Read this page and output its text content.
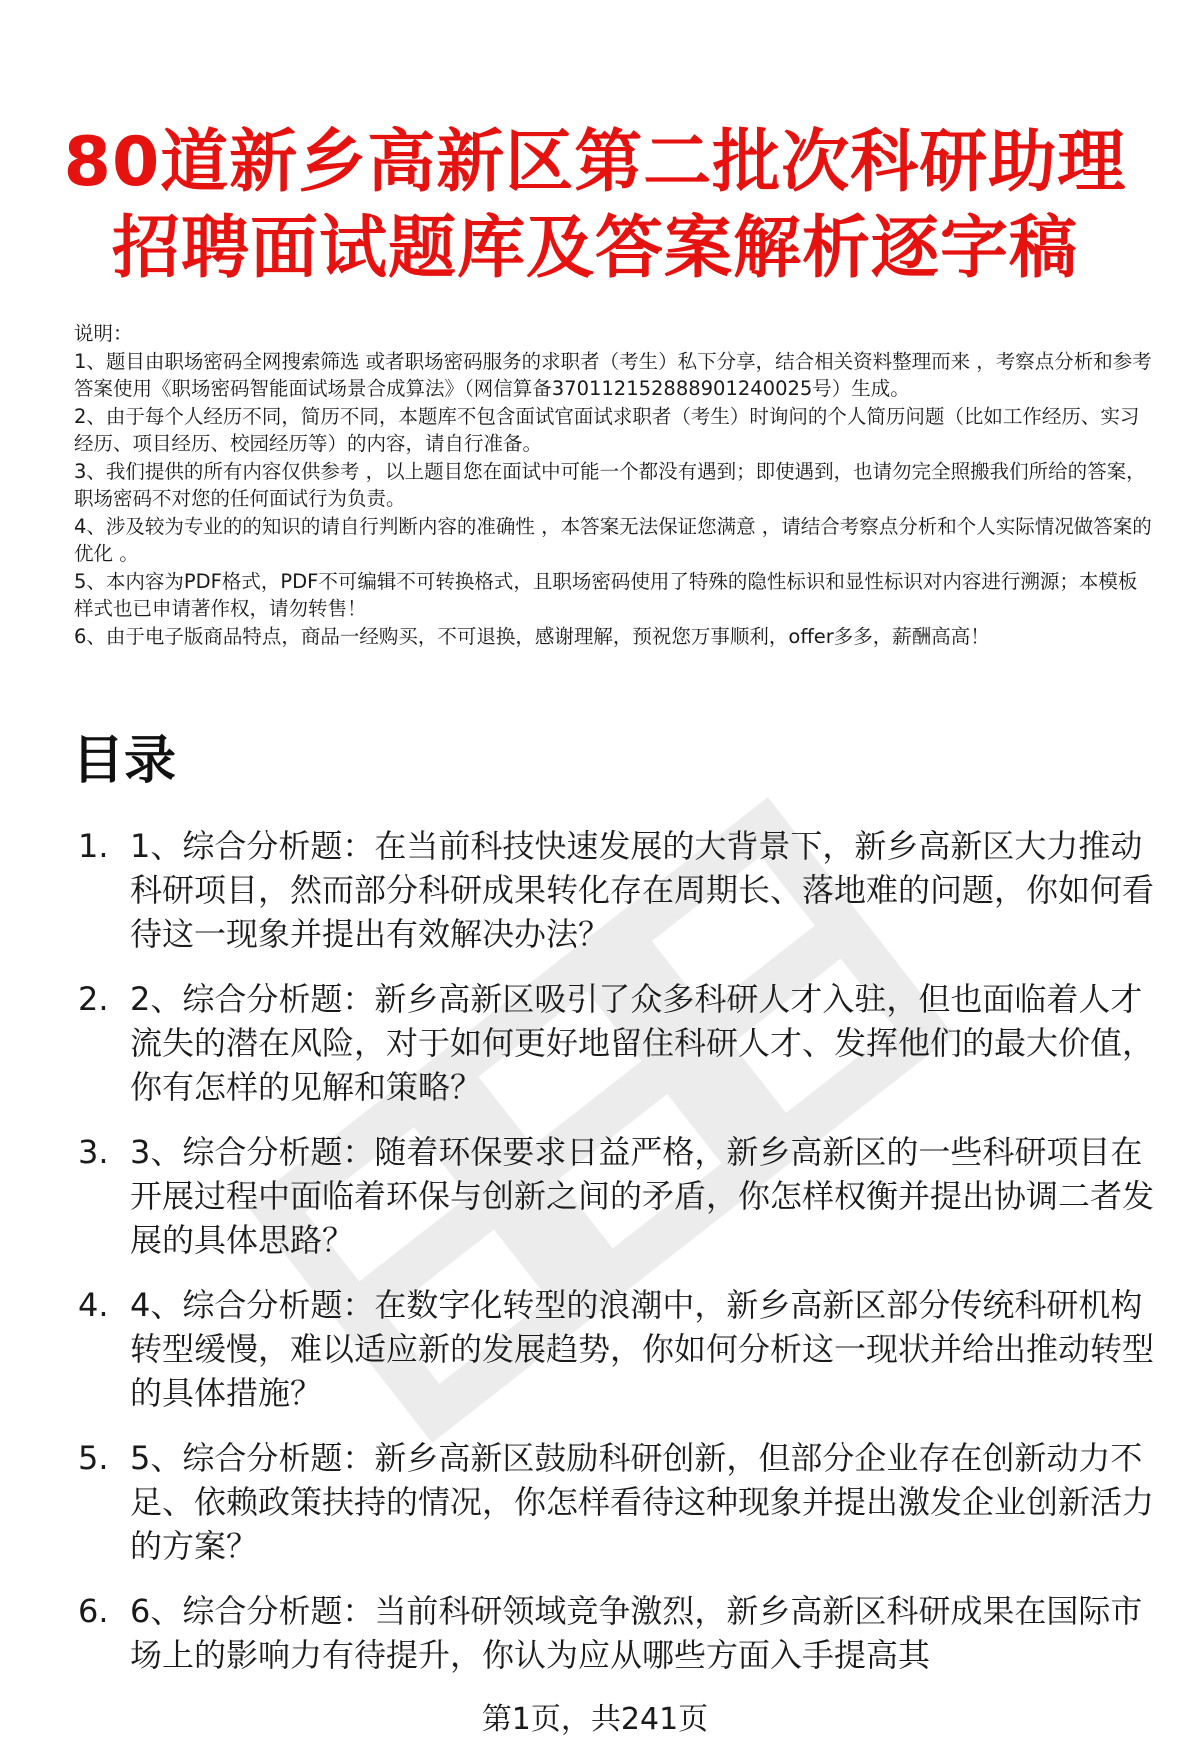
80道新乡高新区第二批次科研助理
招聘面试题库及答案解析逐字稿

说明：

1、题目由职场密码全网搜索筛选 或者职场密码服务的求职者（考生）私下分享，结合相关资料整理而来 ，考察点分析和参考答案使用《职场密码智能面试场景合成算法》（网信算备370112152888901240025号）生成。

2、由于每个人经历不同，简历不同，本题库不包含面试官面试求职者（考生）时询问的个人简历问题（比如工作经历、实习经历、项目经历、校园经历等）的内容，请自行准备。

3、我们提供的所有内容仅供参考 ，以上题目您在面试中可能一个都没有遇到；即使遇到，也请勿完全照搬我们所给的答案，职场密码不对您的任何面试行为负责。

4、涉及较为专业的的知识的请自行判断内容的准确性 ，本答案无法保证您满意 ，请结合考察点分析和个人实际情况做答案的优化 。

5、本内容为PDF格式，PDF不可编辑不可转换格式，且职场密码使用了特殊的隐性标识和显性标识对内容进行溯源；本模板样式也已申请著作权，请勿转售！

6、由于电子版商品特点，商品一经购买，不可退换，感谢理解，预祝您万事顺利，offer多多，薪酬高高！

目录
1. 1、综合分析题：在当前科技快速发展的大背景下，新乡高新区大力推动科研项目，然而部分科研成果转化存在周期长、落地难的问题，你如何看待这一现象并提出有效解决办法？
2. 2、综合分析题：新乡高新区吸引了众多科研人才入驻，但也面临着人才流失的潜在风险，对于如何更好地留住科研人才、发挥他们的最大价值，你有怎样的见解和策略？
3. 3、综合分析题：随着环保要求日益严格，新乡高新区的一些科研项目在开展过程中面临着环保与创新之间的矛盾，你怎样权衡并提出协调二者发展的具体思路？
4. 4、综合分析题：在数字化转型的浪潮中，新乡高新区部分传统科研机构转型缓慢，难以适应新的发展趋势，你如何分析这一现状并给出推动转型的具体措施？
5. 5、综合分析题：新乡高新区鼓励科研创新，但部分企业存在创新动力不足、依赖政策扶持的情况，你怎样看待这种现象并提出激发企业创新活力的方案？
6. 6、综合分析题：当前科研领域竞争激烈，新乡高新区科研成果在国际市场上的影响力有待提升，你认为应从哪些方面入手提高其
第1页，共241页
